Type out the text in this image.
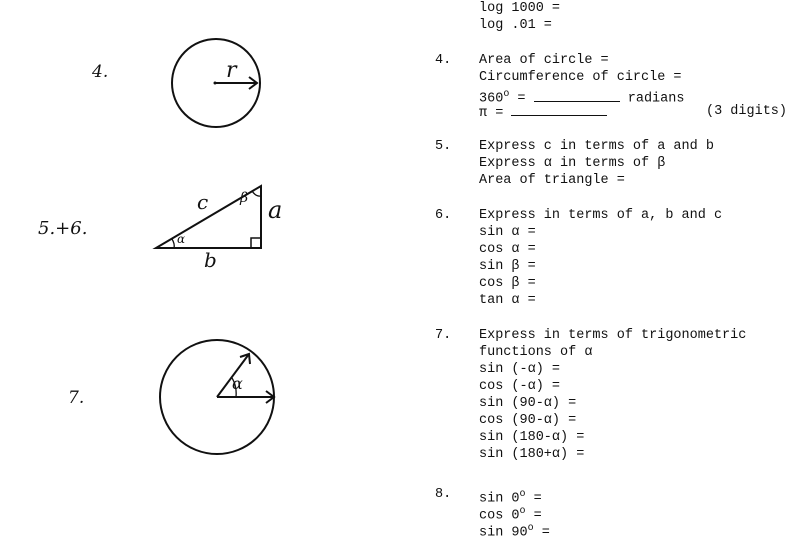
4.	r
5.+6.
c a
b
β
α
7.
α
log 1000 =
log .01 =
4. Area of circle =
Circumference of circle =
$360^o$ =	radians
π =	(3 digits)
5. Express c in terms of a and b
Express α in terms of β
Area of triangle =
6. Express in terms of a, b and c
sin α =
cos α =
sin β =
cos β =
tan α =
7. Express in terms of trigonometric
functions of α
sin (-α) =
cos (-α) =
sin (90-α) =
cos (90-α) =
sin (180-α) =
sin (180+α) =
8. $\sin 0^o$ =
$\cos 0^o$ =
$\sin 90^o$ =
